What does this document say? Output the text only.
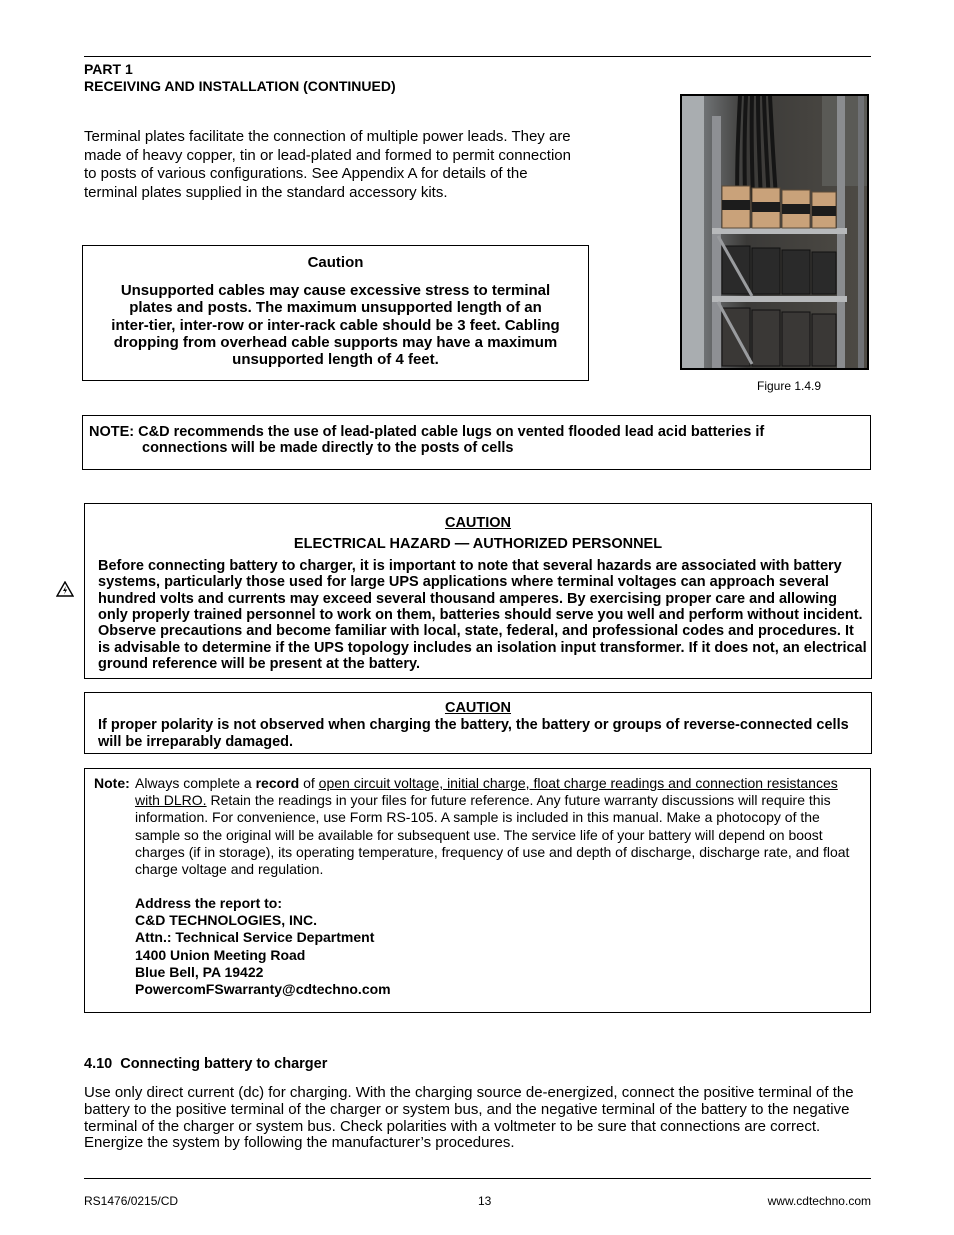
PART 1
RECEIVING AND INSTALLATION (CONTINUED)
Terminal plates facilitate the connection of multiple power leads. They are made of heavy copper, tin or lead-plated and formed to permit connection to posts of various configurations. See Appendix A for details of the terminal plates supplied in the standard accessory kits.
Caution
Unsupported cables may cause excessive stress to terminal plates and posts. The maximum unsupported length of an inter-tier, inter-row or inter-rack cable should be 3 feet. Cabling dropping from overhead cable supports may have a maximum unsupported length of 4 feet.
Figure 1.4.9
NOTE: C&D recommends the use of lead-plated cable lugs on vented flooded lead acid batteries if
connections will be made directly to the posts of cells
CAUTION
ELECTRICAL HAZARD — AUTHORIZED PERSONNEL
Before connecting battery to charger, it is important to note that several hazards are associated with battery systems, particularly those used for large UPS applications where terminal voltages can approach several hundred volts and currents may exceed several thousand amperes. By exercising proper care and allowing only properly trained personnel to work on them, batteries should serve you well and perform without incident. Observe precautions and become familiar with local, state, federal, and professional codes and procedures. It is advisable to determine if the UPS topology includes an isolation input transformer. If it does not, an electrical ground reference will be present at the battery.
CAUTION
If proper polarity is not observed when charging the battery, the battery or groups of reverse-connected cells will be irreparably damaged.
Note: Always complete a record of open circuit voltage, initial charge, float charge readings and connection resistances with DLRO. Retain the readings in your files for future reference. Any future warranty discussions will require this information. For convenience, use Form RS-105. A sample is included in this manual. Make a photocopy of the sample so the original will be available for subsequent use. The service life of your battery will depend on boost charges (if in storage), its operating temperature, frequency of use and depth of discharge, discharge rate, and float charge voltage and regulation.
Address the report to:
C&D TECHNOLOGIES, INC.
Attn.: Technical Service Department
1400 Union Meeting Road
Blue Bell, PA 19422
PowercomFSwarranty@cdtechno.com
4.10  Connecting battery to charger
Use only direct current (dc) for charging. With the charging source de-energized, connect the positive terminal of the battery to the positive terminal of the charger or system bus, and the negative terminal of the battery to the negative terminal of the charger or system bus. Check polarities with a voltmeter to be sure that connections are correct. Energize the system by following the manufacturer’s procedures.
RS1476/0215/CD	13	www.cdtechno.com
